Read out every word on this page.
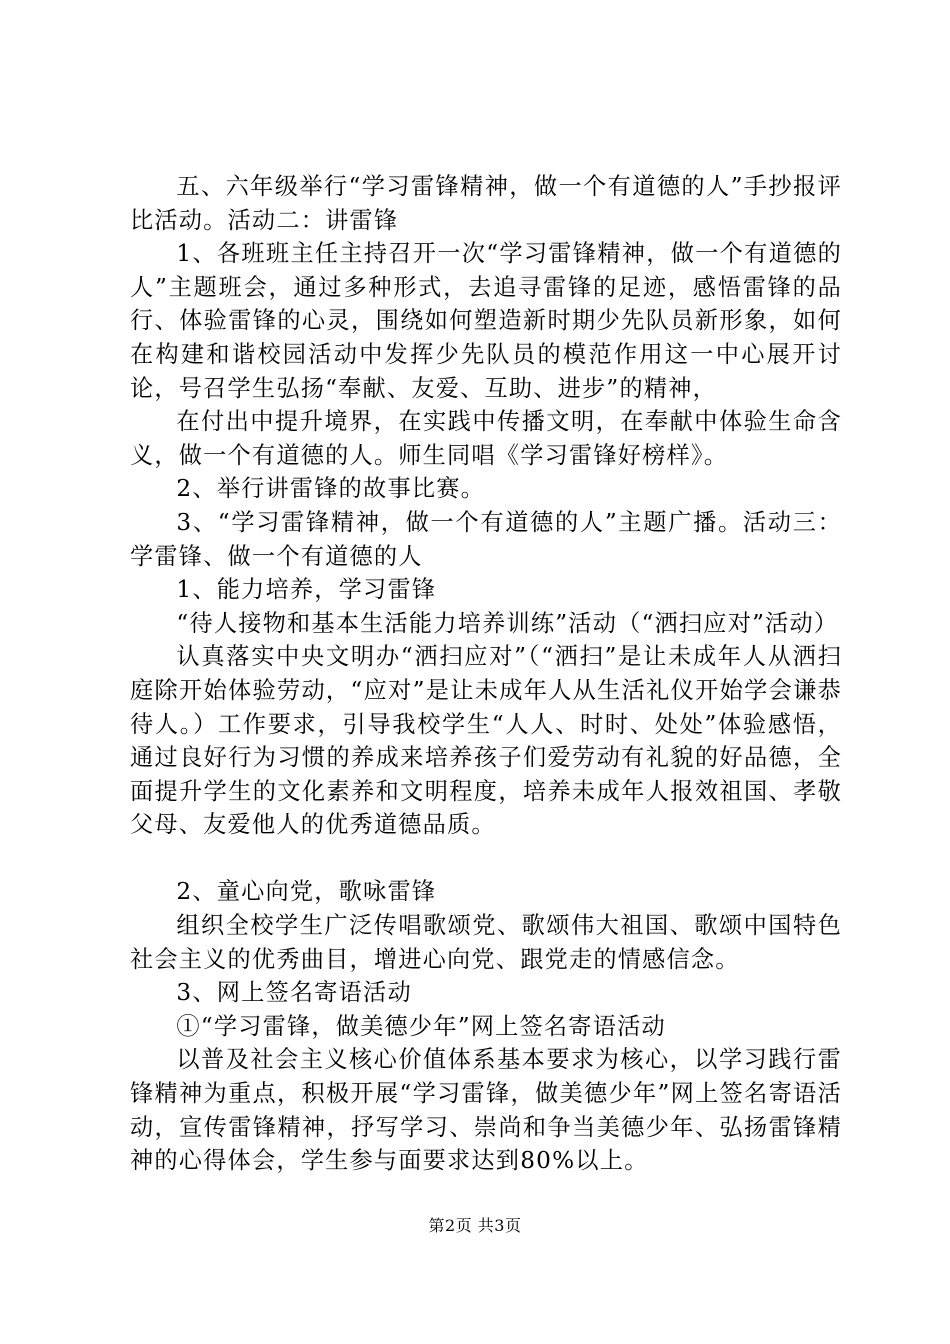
五、六年级举行“学习雷锋精神，做一个有道德的人”手抄报评比活动。活动二：讲雷锋

1、各班班主任主持召开一次“学习雷锋精神，做一个有道德的人”主题班会，通过多种形式，去追寻雷锋的足迹，感悟雷锋的品行、体验雷锋的心灵，围绕如何塑造新时期少先队员新形象，如何在构建和谐校园活动中发挥少先队员的模范作用这一中心展开讨论，号召学生弘扬“奉献、友爱、互助、进步”的精神，

在付出中提升境界，在实践中传播文明，在奉献中体验生命含义，做一个有道德的人。师生同唱《学习雷锋好榜样》。

2、举行讲雷锋的故事比赛。

3、“学习雷锋精神，做一个有道德的人”主题广播。活动三：学雷锋、做一个有道德的人

1、能力培养，学习雷锋

“待人接物和基本生活能力培养训练”活动（“洒扫应对”活动）

认真落实中央文明办“洒扫应对”（“洒扫”是让未成年人从洒扫庭除开始体验劳动，“应对”是让未成年人从生活礼仪开始学会谦恭待人。）工作要求，引导我校学生“人人、时时、处处”体验感悟，通过良好行为习惯的养成来培养孩子们爱劳动有礼貌的好品德，全面提升学生的文化素养和文明程度，培养未成年人报效祖国、孝敬父母、友爱他人的优秀道德品质。

2、童心向党，歌咏雷锋

组织全校学生广泛传唱歌颂党、歌颂伟大祖国、歌颂中国特色社会主义的优秀曲目，增进心向党、跟党走的情感信念。

3、网上签名寄语活动

①“学习雷锋，做美德少年”网上签名寄语活动

以普及社会主义核心价值体系基本要求为核心，以学习践行雷锋精神为重点，积极开展“学习雷锋，做美德少年”网上签名寄语活动，宣传雷锋精神，抒写学习、崇尚和争当美德少年、弘扬雷锋精神的心得体会，学生参与面要求达到80%以上。

第2页 共3页
